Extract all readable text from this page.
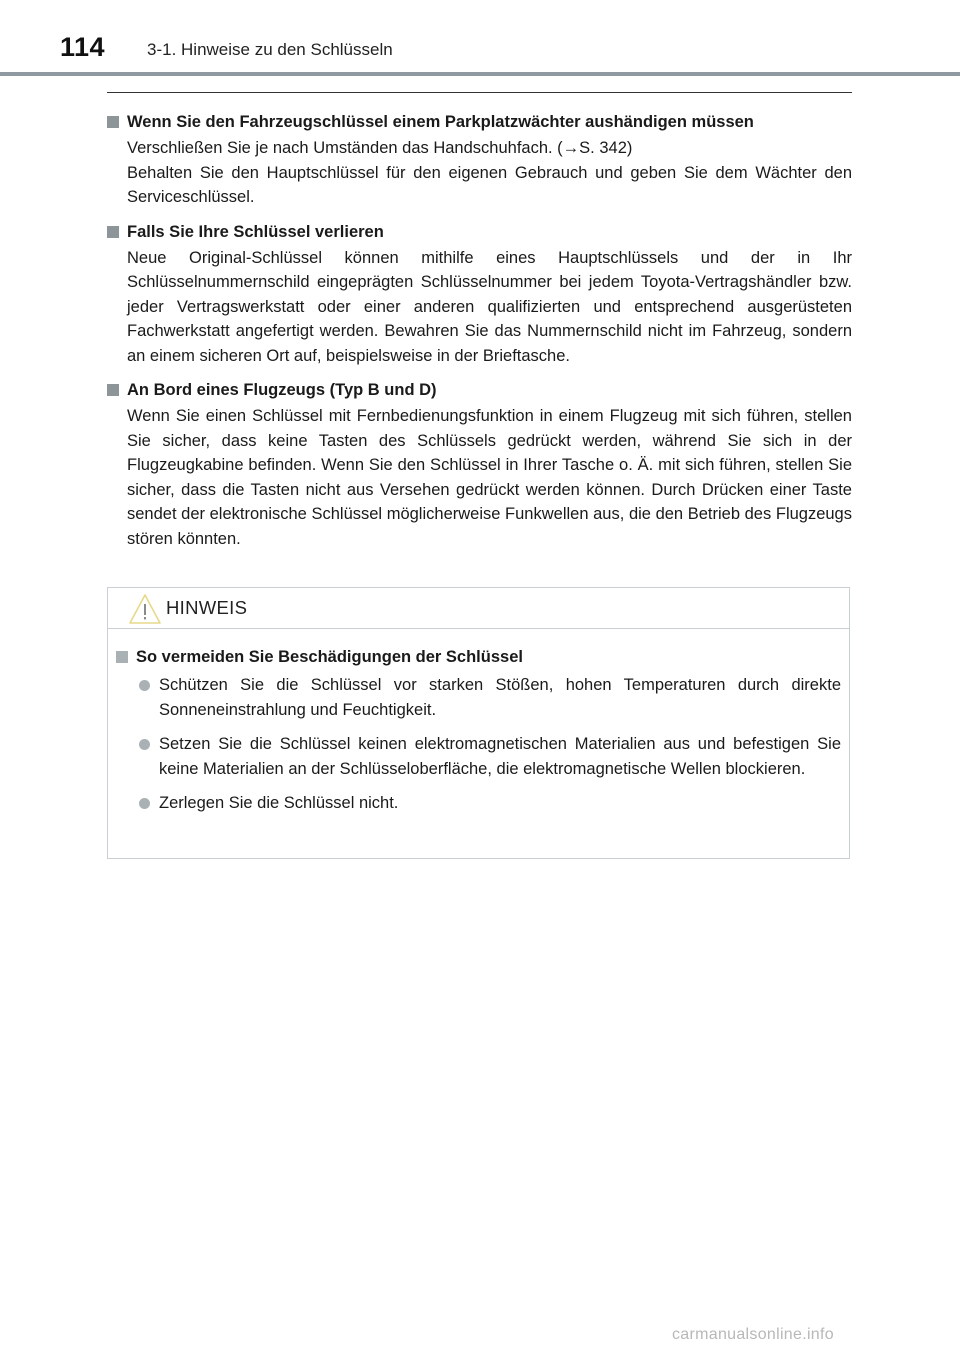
114 3-1. Hinweise zu den Schlüsseln
Wenn Sie den Fahrzeugschlüssel einem Parkplatzwächter aushändigen müssen

Verschließen Sie je nach Umständen das Handschuhfach. (→S. 342)

Behalten Sie den Hauptschlüssel für den eigenen Gebrauch und geben Sie dem Wächter den Serviceschlüssel.

Falls Sie Ihre Schlüssel verlieren

Neue Original-Schlüssel können mithilfe eines Hauptschlüssels und der in Ihr Schlüsselnummernschild eingeprägten Schlüsselnummer bei jedem Toyota-Vertragshändler bzw. jeder Vertragswerkstatt oder einer anderen qualifizierten und entsprechend ausgerüsteten Fachwerkstatt angefertigt werden. Bewahren Sie das Nummernschild nicht im Fahrzeug, sondern an einem sicheren Ort auf, beispielsweise in der Brieftasche.

An Bord eines Flugzeugs (Typ B und D)

Wenn Sie einen Schlüssel mit Fernbedienungsfunktion in einem Flugzeug mit sich führen, stellen Sie sicher, dass keine Tasten des Schlüssels gedrückt werden, während Sie sich in der Flugzeugkabine befinden. Wenn Sie den Schlüssel in Ihrer Tasche o. Ä. mit sich führen, stellen Sie sicher, dass die Tasten nicht aus Versehen gedrückt werden können. Durch Drücken einer Taste sendet der elektronische Schlüssel möglicherweise Funkwellen aus, die den Betrieb des Flugzeugs stören könnten.

HINWEIS
So vermeiden Sie Beschädigungen der Schlüssel
Schützen Sie die Schlüssel vor starken Stößen, hohen Temperaturen durch direkte Sonneneinstrahlung und Feuchtigkeit.
Setzen Sie die Schlüssel keinen elektromagnetischen Materialien aus und befestigen Sie keine Materialien an der Schlüsseloberfläche, die elektromagnetische Wellen blockieren.
Zerlegen Sie die Schlüssel nicht.
carmanualsonline.info
